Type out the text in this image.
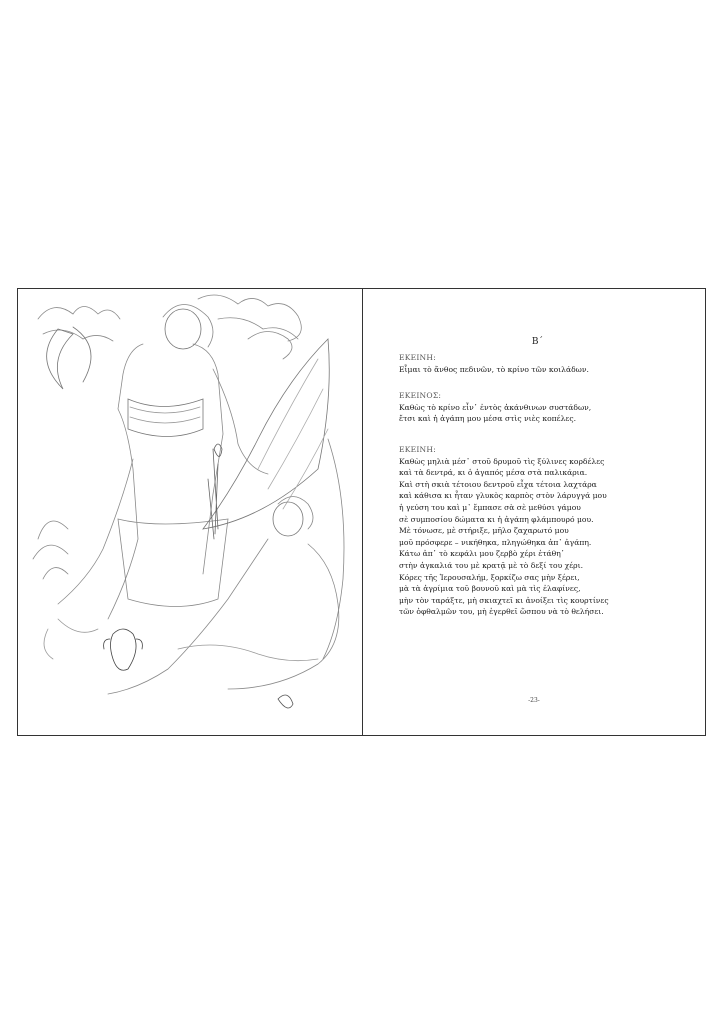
Β΄
ΕΚΕΙΝΗ:
Εἶμαι τὸ ἄνθος πεδινῶν, τὸ κρίνο τῶν κοιλάδων.
ΕΚΕΙΝΟΣ:
Καθὼς τὸ κρίνο εἶν᾽ ἐντὸς ἀκάνθινων συστάδων,
ἔτσι καὶ ἡ ἀγάπη μου μέσα στὶς νιὲς κοπέλες.
ΕΚΕΙΝΗ:
Καθὼς μηλιὰ μέσ᾽ στοῦ δρυμοῦ τὶς ξύλινες κορδέλες
καὶ τὰ δεντρά, κι ὁ ἀγαπός μέσα στὰ παλικάρια.
Καὶ στὴ σκιὰ τέτοιου δεντροῦ εἶχα τέτοια λαχτάρα
καὶ κάθισα κι ἦταν γλυκὸς καρπὸς στὸν λάρυγγά μου
ἡ γεύση του καὶ μ᾽ ἔμπασε σὰ σὲ μεθύσι γάμου
σὲ συμποσίου δώματα κι ἡ ἀγάπη φλάμπουρό μου.
Μὲ τόνωσε, μὲ στήριξε, μῆλο ζαχαρωτό μου
μοῦ πρόσφερε – νικήθηκα, πληγώθηκα ἀπ᾽ ἀγάπη.
Κάτω ἀπ᾽ τὸ κεφάλι μου ζερβὸ χέρι ἐτάθη᾽
στὴν ἀγκαλιά του μὲ κρατᾷ μὲ τὸ δεξί του χέρι.
Κόρες τῆς Ἱερουσαλήμ, ξορκίζω σας μὴν ξέρει,
μὰ τὰ ἀγρίμια τοῦ βουνοῦ καὶ μὰ τὶς ἐλαφίνες,
μὴν τὸν ταράξτε, μὴ σκιαχτεῖ κι ἀνοίξει τὶς κουρτίνες
τῶν ὀφθαλμῶν του, μὴ ἐγερθεῖ ὥσπου νὰ τὸ θελήσει.
-23-
